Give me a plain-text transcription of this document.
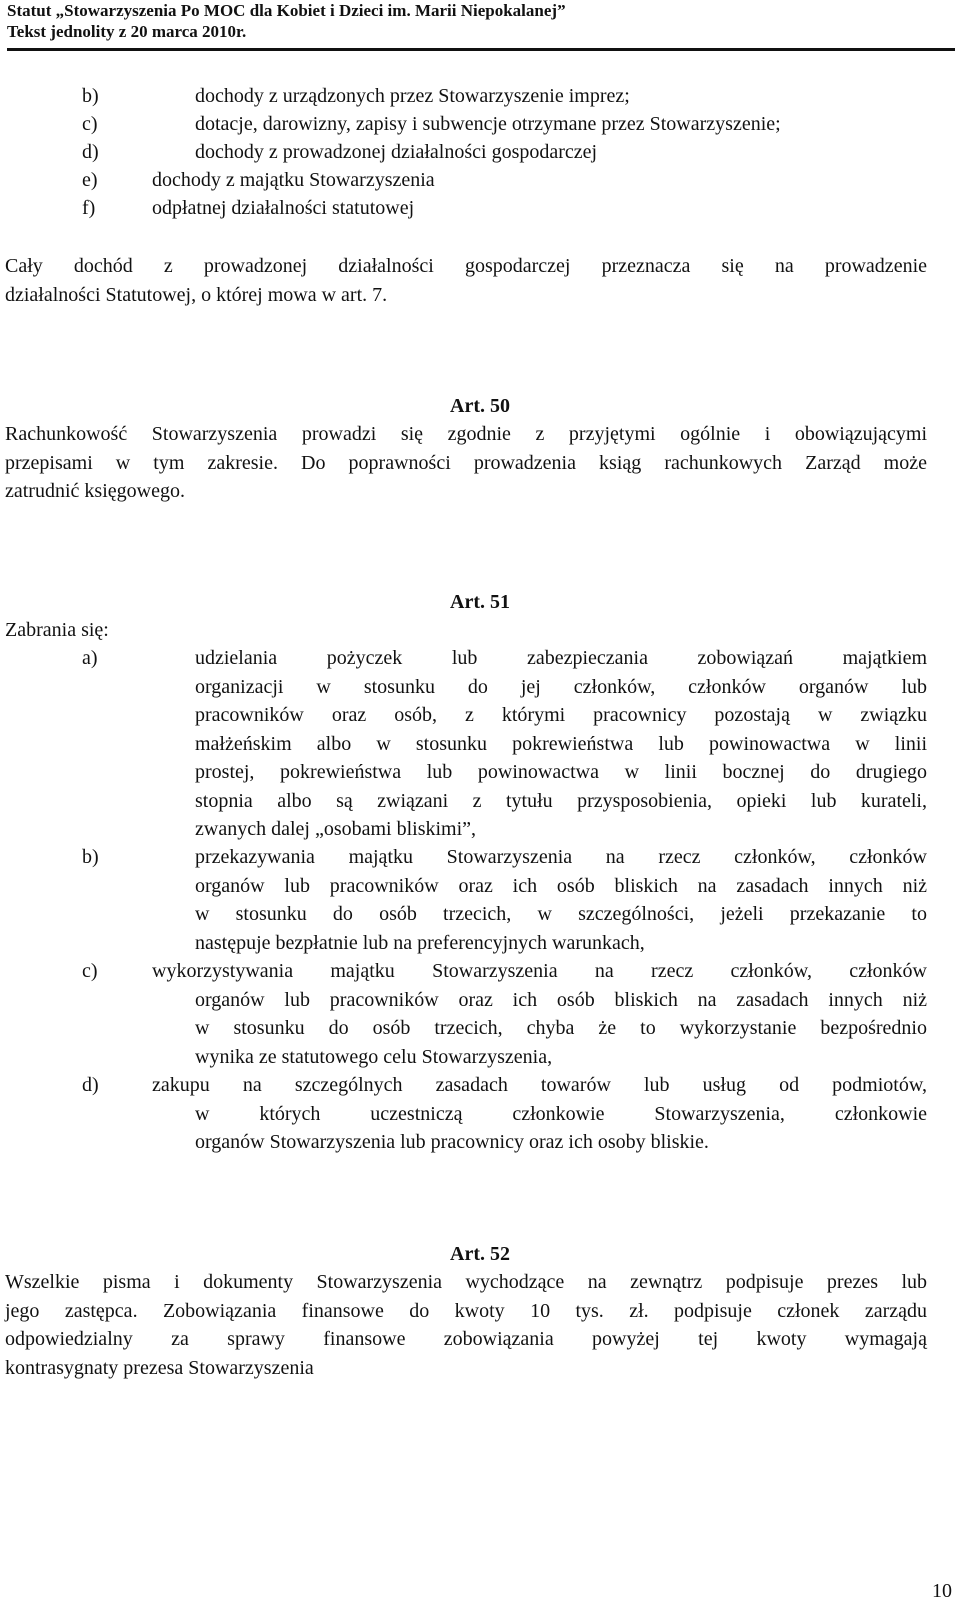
Statut „Stowarzyszenia Po MOC dla Kobiet i Dzieci im. Marii Niepokalanej”
Tekst jednolity z 20 marca 2010r.
b)	dochody z urządzonych przez Stowarzyszenie imprez;
c)	dotacje, darowizny, zapisy i subwencje otrzymane przez Stowarzyszenie;
d)	dochody z prowadzonej działalności gospodarczej
e)	dochody z majątku Stowarzyszenia
f)	odpłatnej działalności statutowej
Cały dochód z prowadzonej działalności gospodarczej przeznacza się na prowadzenie
działalności Statutowej, o której mowa w art. 7.
Art. 50
Rachunkowość Stowarzyszenia prowadzi się zgodnie z przyjętymi ogólnie i obowiązującymi
przepisami w tym zakresie. Do poprawności prowadzenia ksiąg rachunkowych Zarząd może
zatrudnić księgowego.
Art. 51
Zabrania się:
a)	udzielania pożyczek lub zabezpieczania zobowiązań majątkiem
organizacji w stosunku do jej członków, członków organów lub
pracowników oraz osób, z którymi pracownicy pozostają w związku
małżeńskim albo w stosunku pokrewieństwa lub powinowactwa w linii
prostej, pokrewieństwa lub powinowactwa w linii bocznej do drugiego
stopnia albo są związani z tytułu przysposobienia, opieki lub kurateli,
zwanych dalej „osobami bliskimi”,
b)	przekazywania majątku Stowarzyszenia na rzecz członków, członków
organów lub pracowników oraz ich osób bliskich na zasadach innych niż
w stosunku do osób trzecich, w szczególności, jeżeli przekazanie to
następuje bezpłatnie lub na preferencyjnych warunkach,
c)	wykorzystywania majątku Stowarzyszenia na rzecz członków, członków
organów lub pracowników oraz ich osób bliskich na zasadach innych niż
w stosunku do osób trzecich, chyba że to wykorzystanie bezpośrednio
wynika ze statutowego celu Stowarzyszenia,
d)	zakupu na szczególnych zasadach towarów lub usług od podmiotów,
w których uczestniczą członkowie Stowarzyszenia, członkowie
organów Stowarzyszenia lub pracownicy oraz ich osoby bliskie.
Art. 52
Wszelkie pisma i dokumenty Stowarzyszenia wychodzące na zewnątrz podpisuje prezes lub
jego zastępca. Zobowiązania finansowe do kwoty 10 tys. zł. podpisuje członek zarządu
odpowiedzialny za sprawy finansowe zobowiązania powyżej tej kwoty wymagają
kontrasygnaty prezesa Stowarzyszenia
10
